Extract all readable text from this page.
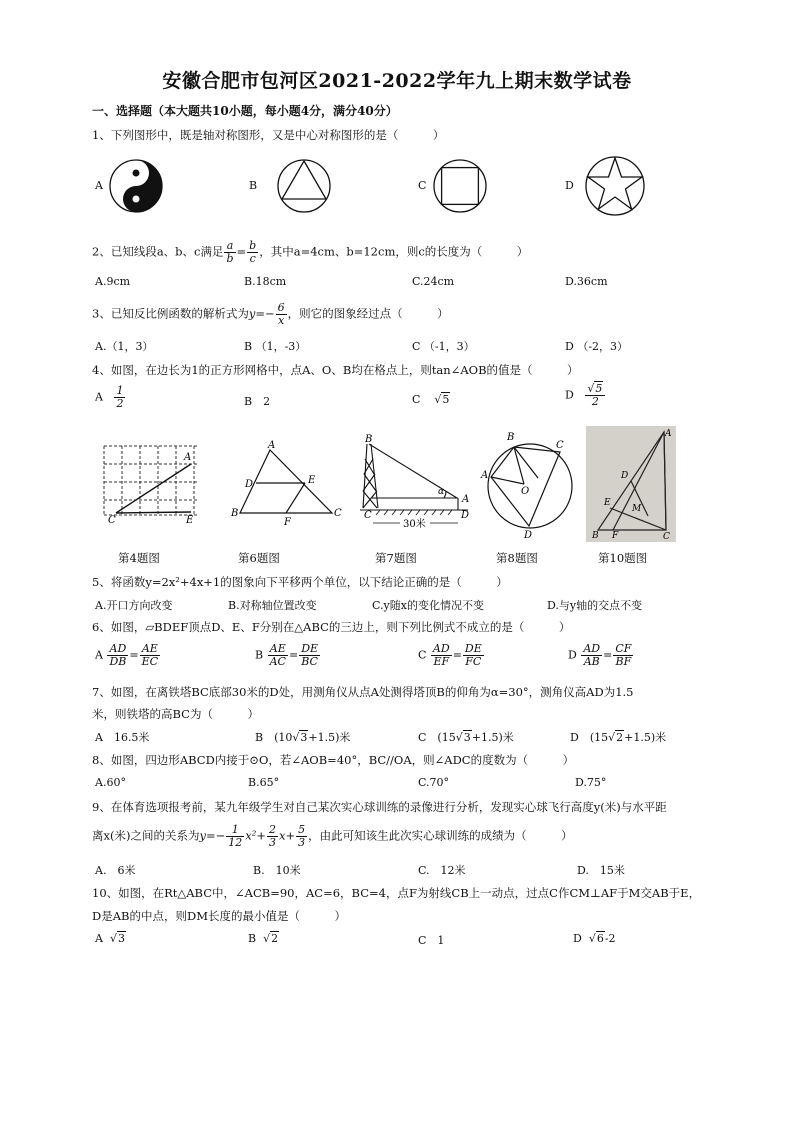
安徽合肥市包河区2021-2022学年九上期末数学试卷
一、选择题（本大题共10小题，每小题4分，满分40分）
1、下列图形中，既是轴对称图形，又是中心对称图形的是（　　　）
A	B	C	D
2、已知线段a、b、c满足 $\frac{a}{b} = \frac{b}{c}$ ，其中a=4cm、b=12cm，则c的长度为（　　　）
A.9cm	B.18cm	C.24cm	D.36cm
3、已知反比例函数的解析式为$y=- \frac{6}{x}$ ，则它的图象经过点（　　　）
A.（1，3）	B （1，-3）	C （-1，3）	D （-2，3）
4、如图，在边长为1的正方形网格中，点A、O、B均在格点上，则tan∠AOB的值是（　　　）
A $\frac{1}{2}$	B　2	C    √5	D $\frac{√5}{2}$
A
C	E
A
D	E
B
F
C
B
α
A
C	D
30米
B
C
A
O
D
A
D
E
M
B F	C
第4题图	第6题图	第7题图	第8题图	第10题图
5、将函数y=2x²+4x+1的图象向下平移两个单位，以下结论正确的是（　　　）
A.开口方向改变	B.对称轴位置改变	C.y随x的变化情况不变	D.与y轴的交点不变
6、如图，▱BDEF顶点D、E、F分别在△ABC的三边上，则下列比例式不成立的是（　　　）
A $\frac{AD}{DB} = \frac{AE}{EC}$	B $\frac{AE}{AC} = \frac{DE}{BC}$	C $\frac{AD}{EF} = \frac{DE}{FC}$	D $\frac{AD}{AB} = \frac{CF}{BF}$
7、如图，在离铁塔BC底部30米的D处，用测角仪从点A处测得塔顶B的仰角为α=30°，测角仪高AD为1.5
米，则铁塔的高BC为（　　　）
A　16.5米	B　(10√3+1.5)米	C　(15√3+1.5)米	D　(15√2+1.5)米
8、如图，四边形ABCD内接于⊙O，若∠AOB=40°，BC//OA，则∠ADC的度数为（　　　）
A.60°	B.65°	C.70°	D.75°
9、在体育选项报考前，某九年级学生对自己某次实心球训练的录像进行分析，发现实心球飞行高度y(米)与水平距
离x(米)之间的关系为$y=- \frac{1}{12} x^2+ \frac{2}{3} x+ \frac{5}{3}$ ，由此可知该生此次实心球训练的成绩为（　　　）
A.　6米	B.　10米	C.　12米	D.　15米
10、如图，在Rt△ABC中，∠ACB=90，AC=6，BC=4，点F为射线CB上一动点，过点C作CM⊥AF于M交AB于E，
D是AB的中点，则DM长度的最小值是（　　　）
A  √3	B  √2	C　1	D  √6-2
